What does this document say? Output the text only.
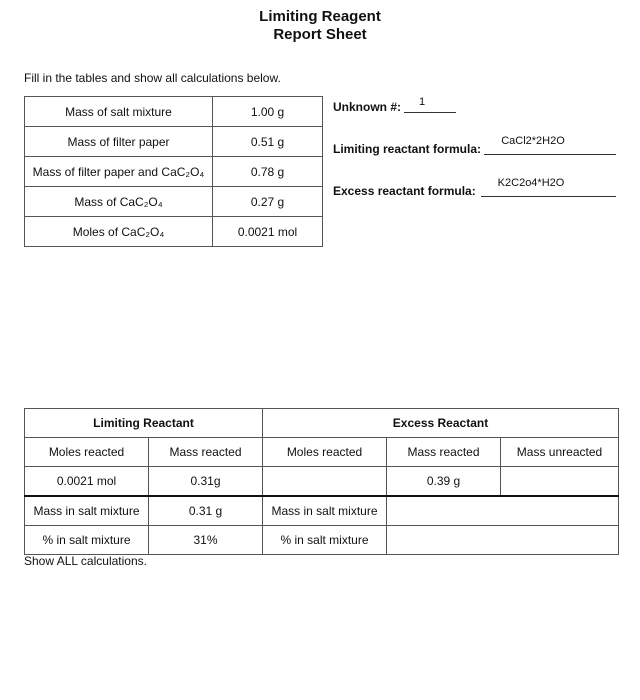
Limiting Reagent
Report Sheet
Fill in the tables and show all calculations below.
Mass of salt mixture	1.00 g
Mass of filter paper	0.51 g
Mass of filter paper and CaC₂O₄	0.78 g
Mass of CaC₂O₄	0.27 g
Moles of CaC₂O₄	0.0021 mol
Unknown #:	1
Limiting reactant formula:
CaCl2*2H2O
Excess reactant formula:
K2C2o4*H2O
Limiting Reactant		Excess Reactant		
Moles reacted	Mass reacted	Moles reacted	Mass reacted	Mass unreacted
0.0021 mol	0.31g		0.39 g	
Mass in salt mixture	0.31 g	Mass in salt mixture		
% in salt mixture	31%	% in salt mixture		
Show ALL calculations.
